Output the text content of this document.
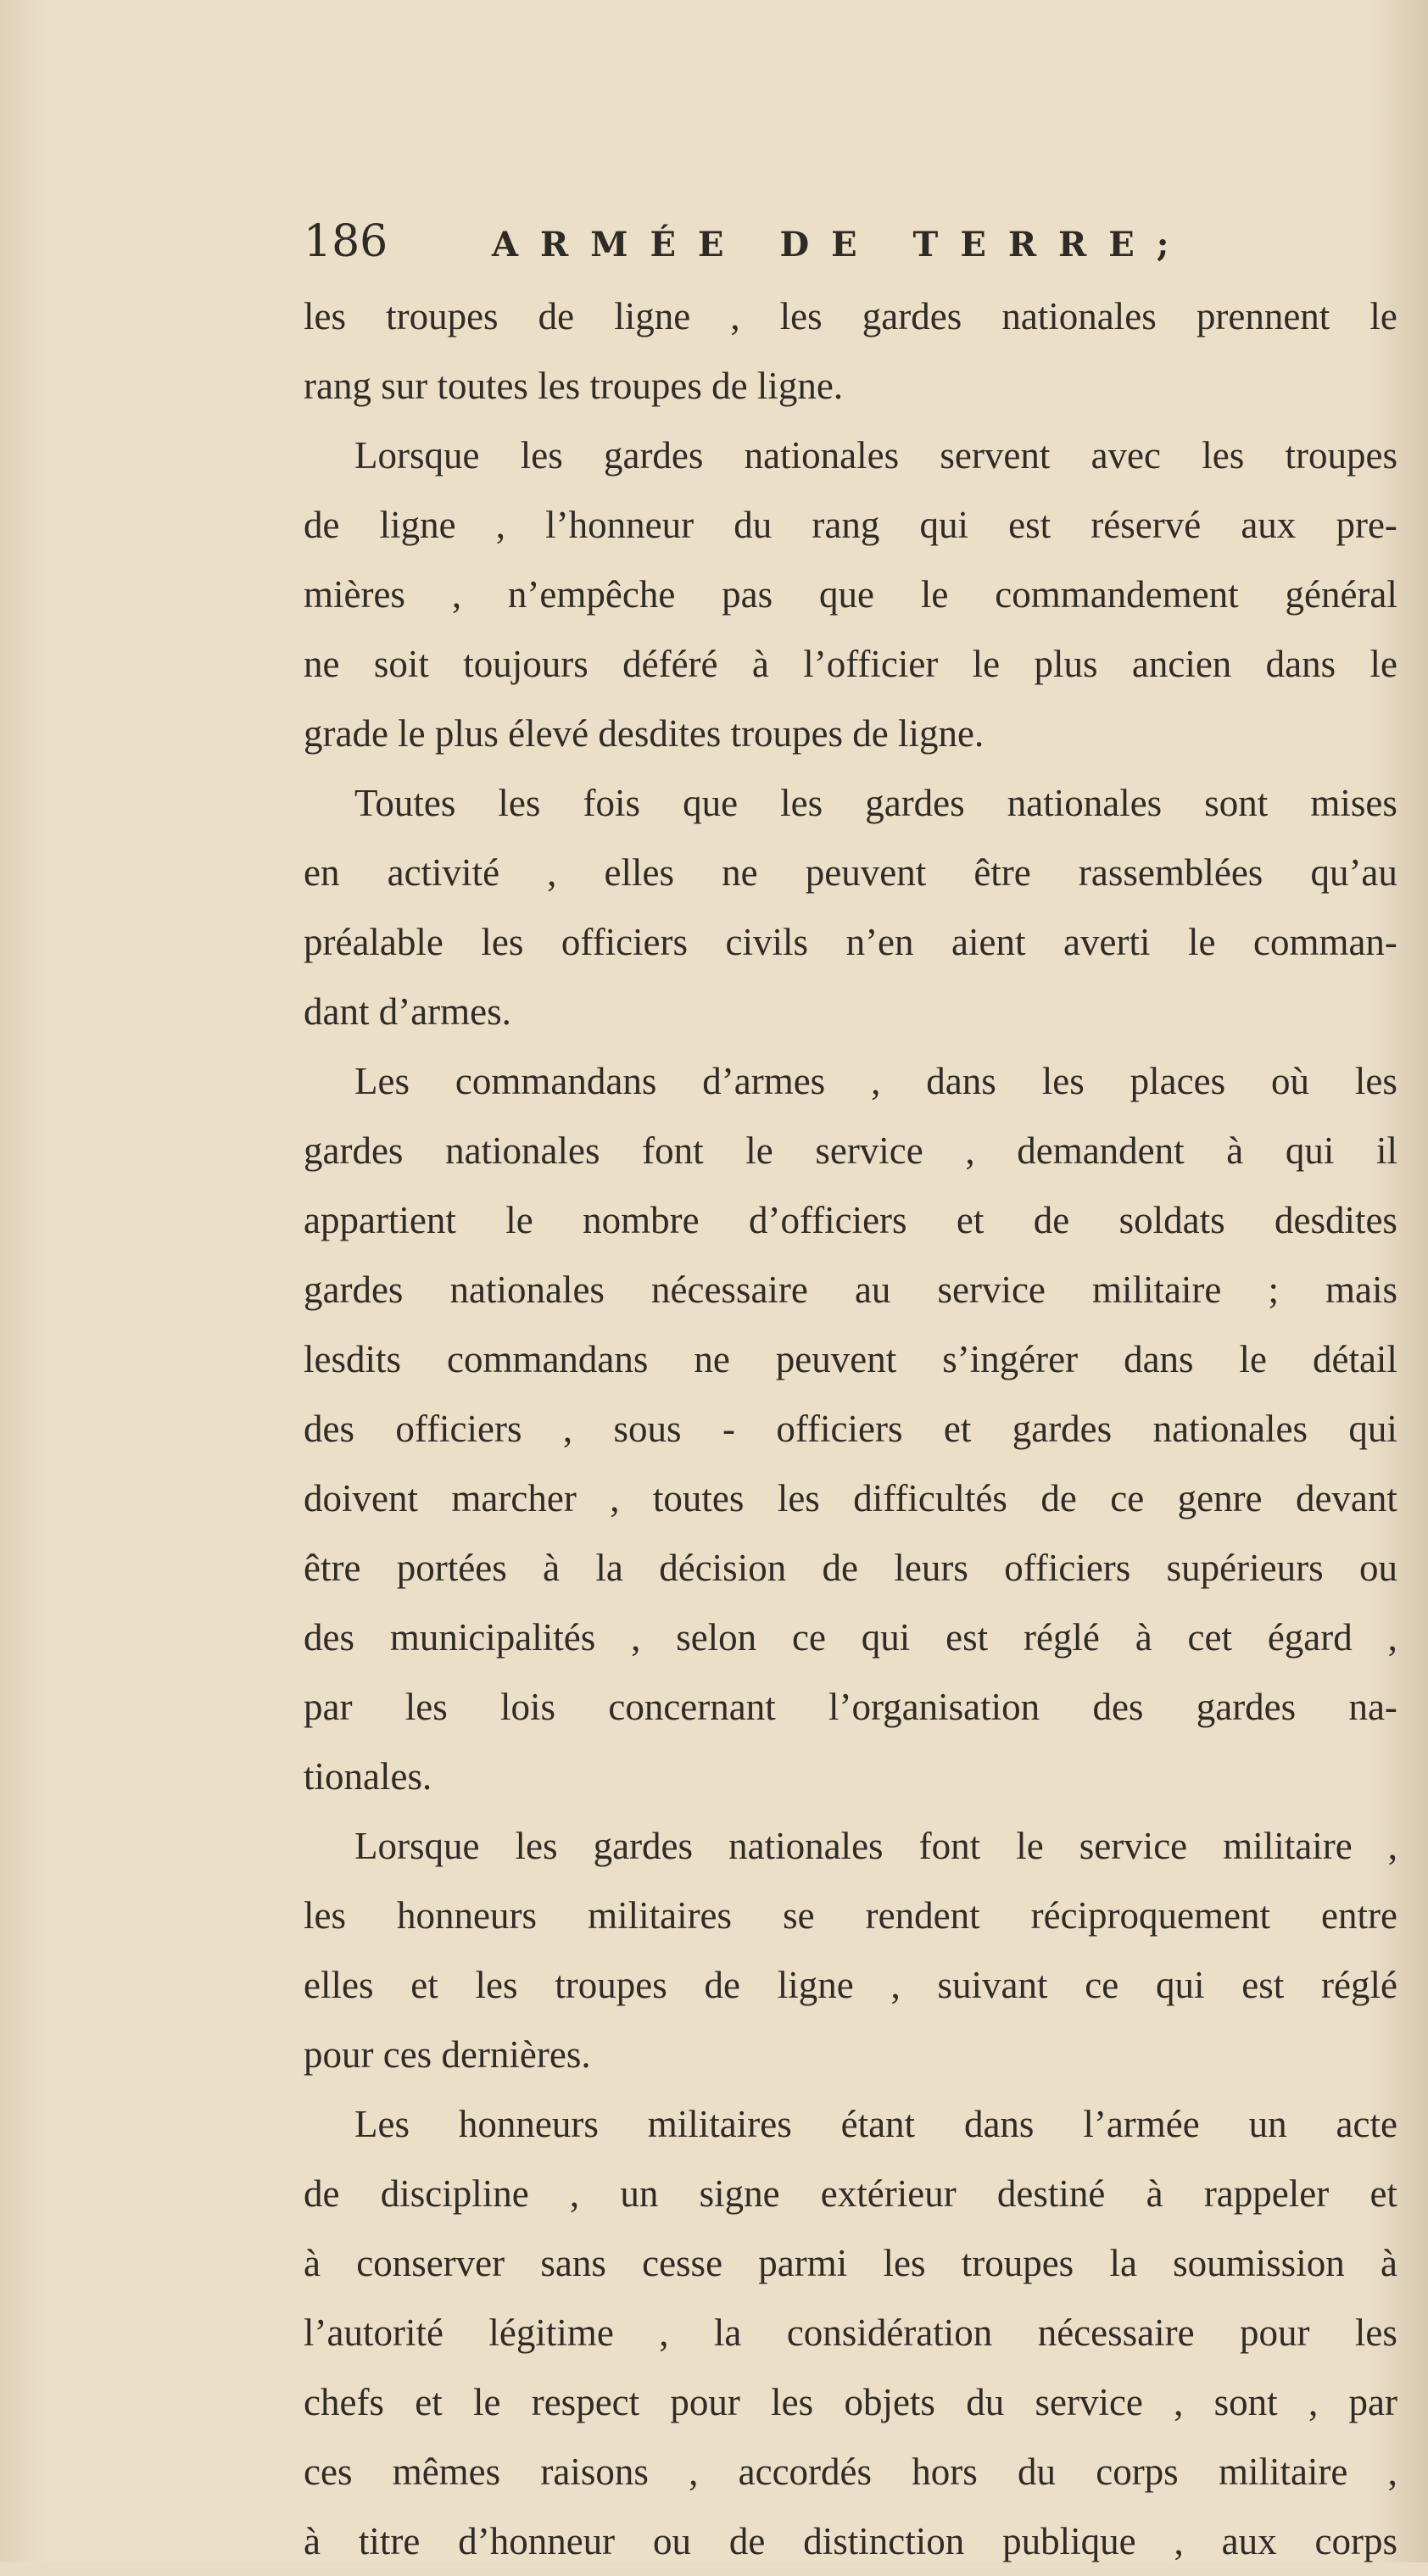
186	ARMÉE DE TERRE;
les troupes de ligne , les gardes nationales prennent le
rang sur toutes les troupes de ligne.
Lorsque les gardes nationales servent avec les troupes
de ligne , l’honneur du rang qui est réservé aux pre-
mières , n’empêche pas que le commandement général
ne soit toujours déféré à l’officier le plus ancien dans le
grade le plus élevé desdites troupes de ligne.
Toutes les fois que les gardes nationales sont mises
en activité , elles ne peuvent être rassemblées qu’au
préalable les officiers civils n’en aient averti le comman-
dant d’armes.
Les commandans d’armes , dans les places où les
gardes nationales font le service , demandent à qui il
appartient le nombre d’officiers et de soldats desdites
gardes nationales nécessaire au service militaire ; mais
lesdits commandans ne peuvent s’ingérer dans le détail
des officiers , sous - officiers et gardes nationales qui
doivent marcher , toutes les difficultés de ce genre devant
être portées à la décision de leurs officiers supérieurs ou
des municipalités , selon ce qui est réglé à cet égard ,
par les lois concernant l’organisation des gardes na-
tionales.
Lorsque les gardes nationales font le service militaire ,
les honneurs militaires se rendent réciproquement entre
elles et les troupes de ligne , suivant ce qui est réglé
pour ces dernières.
Les honneurs militaires étant dans l’armée un acte
de discipline , un signe extérieur destiné à rappeler et
à conserver sans cesse parmi les troupes la soumission à
l’autorité légitime , la considération nécessaire pour les
chefs et le respect pour les objets du service , sont , par
ces mêmes raisons , accordés hors du corps militaire ,
à titre d’honneur ou de distinction publique , aux corps
